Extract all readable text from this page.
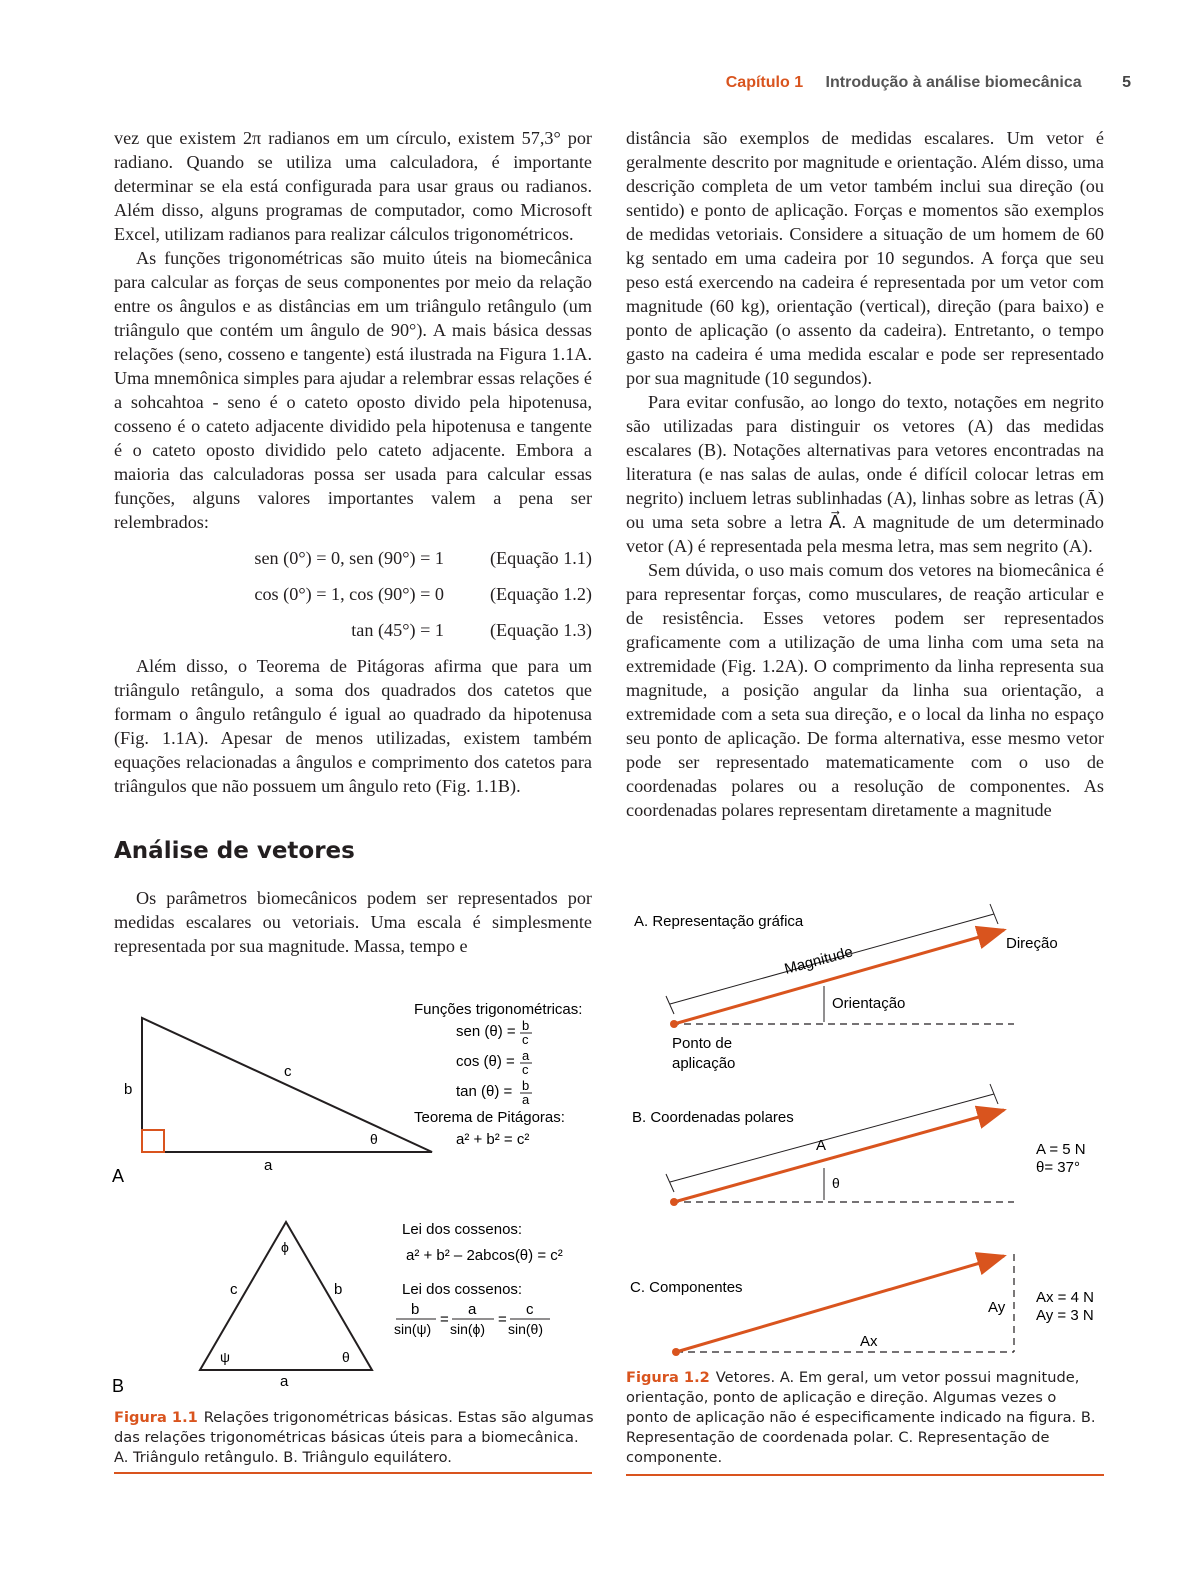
Capítulo 1 Introdução à análise biomecânica	5

vez que existem 2π radianos em um círculo, existem 57,3° por radiano. Quando se utiliza uma calculadora, é importante determinar se ela está configurada para usar graus ou radianos. Além disso, alguns programas de computador, como Microsoft Excel, utilizam radianos para realizar cálculos trigonométricos.

As funções trigonométricas são muito úteis na biomecânica para calcular as forças de seus componentes por meio da relação entre os ângulos e as distâncias em um triângulo retângulo (um triângulo que contém um ângulo de 90°). A mais básica dessas relações (seno, cosseno e tangente) está ilustrada na Figura 1.1A. Uma mnemônica simples para ajudar a relembrar essas relações é a sohcahtoa - seno é o cateto oposto divido pela hipotenusa, cosseno é o cateto adjacente dividido pela hipotenusa e tangente é o cateto oposto dividido pelo cateto adjacente. Embora a maioria das calculadoras possa ser usada para calcular essas funções, alguns valores importantes valem a pena ser relembrados:

sen (0°) = 0, sen (90°) = 1	(Equação 1.1)
cos (0°) = 1, cos (90°) = 0	(Equação 1.2)
tan (45°) = 1	(Equação 1.3)

Além disso, o Teorema de Pitágoras afirma que para um triângulo retângulo, a soma dos quadrados dos catetos que formam o ângulo retângulo é igual ao quadrado da hipotenusa (Fig. 1.1A). Apesar de menos utilizadas, existem também equações relacionadas a ângulos e comprimento dos catetos para triângulos que não possuem um ângulo reto (Fig. 1.1B).

Análise de vetores

Os parâmetros biomecânicos podem ser representados por medidas escalares ou vetoriais. Uma escala é simplesmente representada por sua magnitude. Massa, tempo e

distância são exemplos de medidas escalares. Um vetor é geralmente descrito por magnitude e orientação. Além disso, uma descrição completa de um vetor também inclui sua direção (ou sentido) e ponto de aplicação. Forças e momentos são exemplos de medidas vetoriais. Considere a situação de um homem de 60 kg sentado em uma cadeira por 10 segundos. A força que seu peso está exercendo na cadeira é representada por um vetor com magnitude (60 kg), orientação (vertical), direção (para baixo) e ponto de aplicação (o assento da cadeira). Entretanto, o tempo gasto na cadeira é uma medida escalar e pode ser representado por sua magnitude (10 segundos).

Para evitar confusão, ao longo do texto, notações em negrito são utilizadas para distinguir os vetores (A) das medidas escalares (B). Notações alternativas para vetores encontradas na literatura (e nas salas de aulas, onde é difícil colocar letras em negrito) incluem letras sublinhadas (A), linhas sobre as letras (Ā) ou uma seta sobre a letra A⃗. A magnitude de um determinado vetor (A) é representada pela mesma letra, mas sem negrito (A).

Sem dúvida, o uso mais comum dos vetores na biomecânica é para representar forças, como musculares, de reação articular e de resistência. Esses vetores podem ser representados graficamente com a utilização de uma linha com uma seta na extremidade (Fig. 1.2A). O comprimento da linha representa sua magnitude, a posição angular da linha sua orientação, a extremidade com a seta sua direção, e o local da linha no espaço seu ponto de aplicação. De forma alternativa, esse mesmo vetor pode ser representado matematicamente com o uso de coordenadas polares ou a resolução de componentes. As coordenadas polares representam diretamente a magnitude

b
c
a
θ
A
Funções trigonométricas:
sen (θ) = b
c
cos (θ) = a
c
tan (θ) = b
a
Teorema de Pitágoras:
a² + b² = c²
ϕ
ψ	θ
c	b
a
B
Lei dos cossenos:
a² + b² – 2abcos(θ) = c²
Lei dos cossenos:
b
sin(ψ)
=
a
sin(ϕ)
=
c
sin(θ)
Figura 1.1 Relações trigonométricas básicas. Estas são algumas das relações trigonométricas básicas úteis para a biomecânica. A. Triângulo retângulo. B. Triângulo equilátero.
A. Representação gráfica
Magnitude	Direção
Orientação
Ponto de
aplicação
B. Coordenadas polares
A
θ
A = 5 N
θ= 37°
C. Componentes
Ax
Ay
Ax = 4 N
Ay = 3 N
Figura 1.2 Vetores. A. Em geral, um vetor possui magnitude, orientação, ponto de aplicação e direção. Algumas vezes o ponto de aplicação não é especificamente indicado na figura. B. Representação de coordenada polar. C. Representação de componente.
